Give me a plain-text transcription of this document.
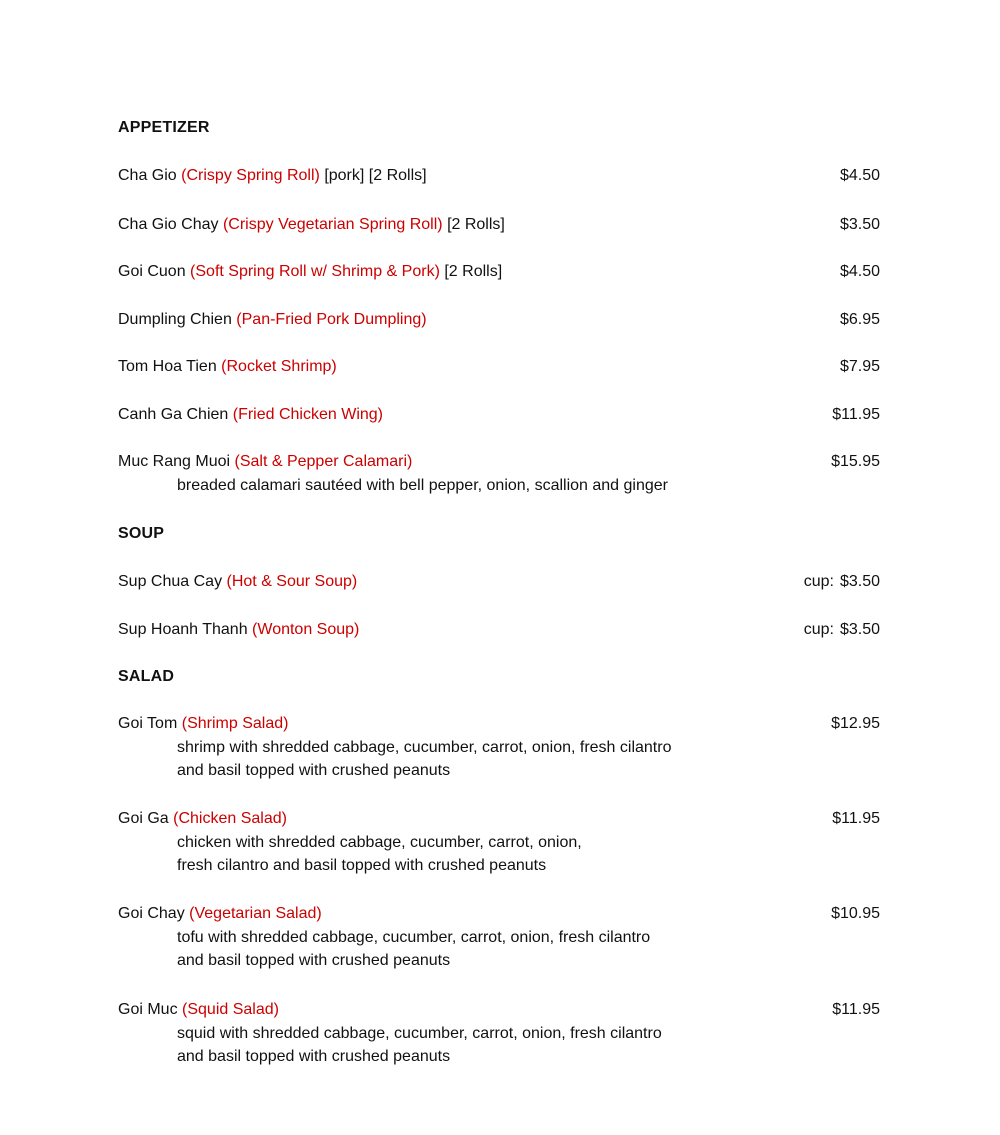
APPETIZER
Cha Gio (Crispy Spring Roll) [pork] [2 Rolls]	$4.50
Cha Gio Chay (Crispy Vegetarian Spring Roll) [2 Rolls]	$3.50
Goi Cuon (Soft Spring Roll w/ Shrimp & Pork) [2 Rolls]	$4.50
Dumpling Chien (Pan-Fried Pork Dumpling)	$6.95
Tom Hoa Tien (Rocket Shrimp)	$7.95
Canh Ga Chien (Fried Chicken Wing)	$11.95
Muc Rang Muoi (Salt & Pepper Calamari)	$15.95
breaded calamari sautéed with bell pepper, onion, scallion and ginger
SOUP
Sup Chua Cay (Hot & Sour Soup)	cup: $3.50
Sup Hoanh Thanh (Wonton Soup)	cup: $3.50
SALAD
Goi Tom (Shrimp Salad)	$12.95
shrimp with shredded cabbage, cucumber, carrot, onion, fresh cilantro
and basil topped with crushed peanuts
Goi Ga (Chicken Salad)	$11.95
chicken with shredded cabbage, cucumber, carrot, onion,
fresh cilantro and basil topped with crushed peanuts
Goi Chay (Vegetarian Salad)	$10.95
tofu with shredded cabbage, cucumber, carrot, onion, fresh cilantro
and basil topped with crushed peanuts
Goi Muc (Squid Salad)	$11.95
squid with shredded cabbage, cucumber, carrot, onion, fresh cilantro
and basil topped with crushed peanuts
